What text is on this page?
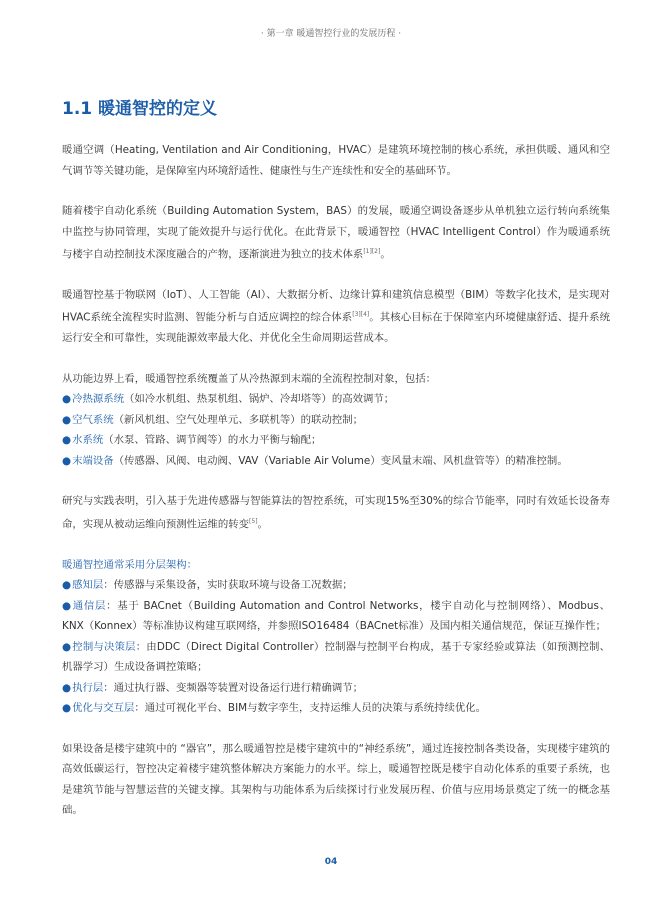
· 第一章 暖通智控行业的发展历程 ·
1.1 暖通智控的定义

暖通空调（Heating, Ventilation and Air Conditioning，HVAC）是建筑环境控制的核心系统，承担供暖、通风和空气调节等关键功能，是保障室内环境舒适性、健康性与生产连续性和安全的基础环节。

随着楼宇自动化系统（Building Automation System，BAS）的发展，暖通空调设备逐步从单机独立运行转向系统集中监控与协同管理，实现了能效提升与运行优化。在此背景下，暖通智控（HVAC Intelligent Control）作为暖通系统与楼宇自动控制技术深度融合的产物，逐渐演进为独立的技术体系[1][2]。

暖通智控基于物联网（IoT）、人工智能（AI）、大数据分析、边缘计算和建筑信息模型（BIM）等数字化技术，是实现对HVAC系统全流程实时监测、智能分析与自适应调控的综合体系[3][4]。其核心目标在于保障室内环境健康舒适、提升系统运行安全和可靠性，实现能源效率最大化、并优化全生命周期运营成本。

从功能边界上看，暖通智控系统覆盖了从冷热源到末端的全流程控制对象，包括：
●冷热源系统（如冷水机组、热泵机组、锅炉、冷却塔等）的高效调节；
●空气系统（新风机组、空气处理单元、多联机等）的联动控制；
●水系统（水泵、管路、调节阀等）的水力平衡与输配；
●末端设备（传感器、风阀、电动阀、VAV（Variable Air Volume）变风量末端、风机盘管等）的精准控制。

研究与实践表明，引入基于先进传感器与智能算法的智控系统，可实现15%至30%的综合节能率，同时有效延长设备寿命，实现从被动运维向预测性运维的转变[5]。

暖通智控通常采用分层架构：
●感知层：传感器与采集设备，实时获取环境与设备工况数据；
●通信层：基于 BACnet（Building Automation and Control Networks，楼宇自动化与控制网络）、Modbus、KNX（Konnex）等标准协议构建互联网络，并参照ISO16484（BACnet标准）及国内相关通信规范，保证互操作性；
●控制与决策层：由DDC（Direct Digital Controller）控制器与控制平台构成，基于专家经验或算法（如预测控制、机器学习）生成设备调控策略；
●执行层：通过执行器、变频器等装置对设备运行进行精确调节；
●优化与交互层：通过可视化平台、BIM与数字孪生，支持运维人员的决策与系统持续优化。

如果设备是楼宇建筑中的 “器官”，那么暖通智控是楼宇建筑中的“神经系统”，通过连接控制各类设备，实现楼宇建筑的高效低碳运行，智控决定着楼宇建筑整体解决方案能力的水平。综上，暖通智控既是楼宇自动化体系的重要子系统，也是建筑节能与智慧运营的关键支撑。其架构与功能体系为后续探讨行业发展历程、价值与应用场景奠定了统一的概念基础。

04
